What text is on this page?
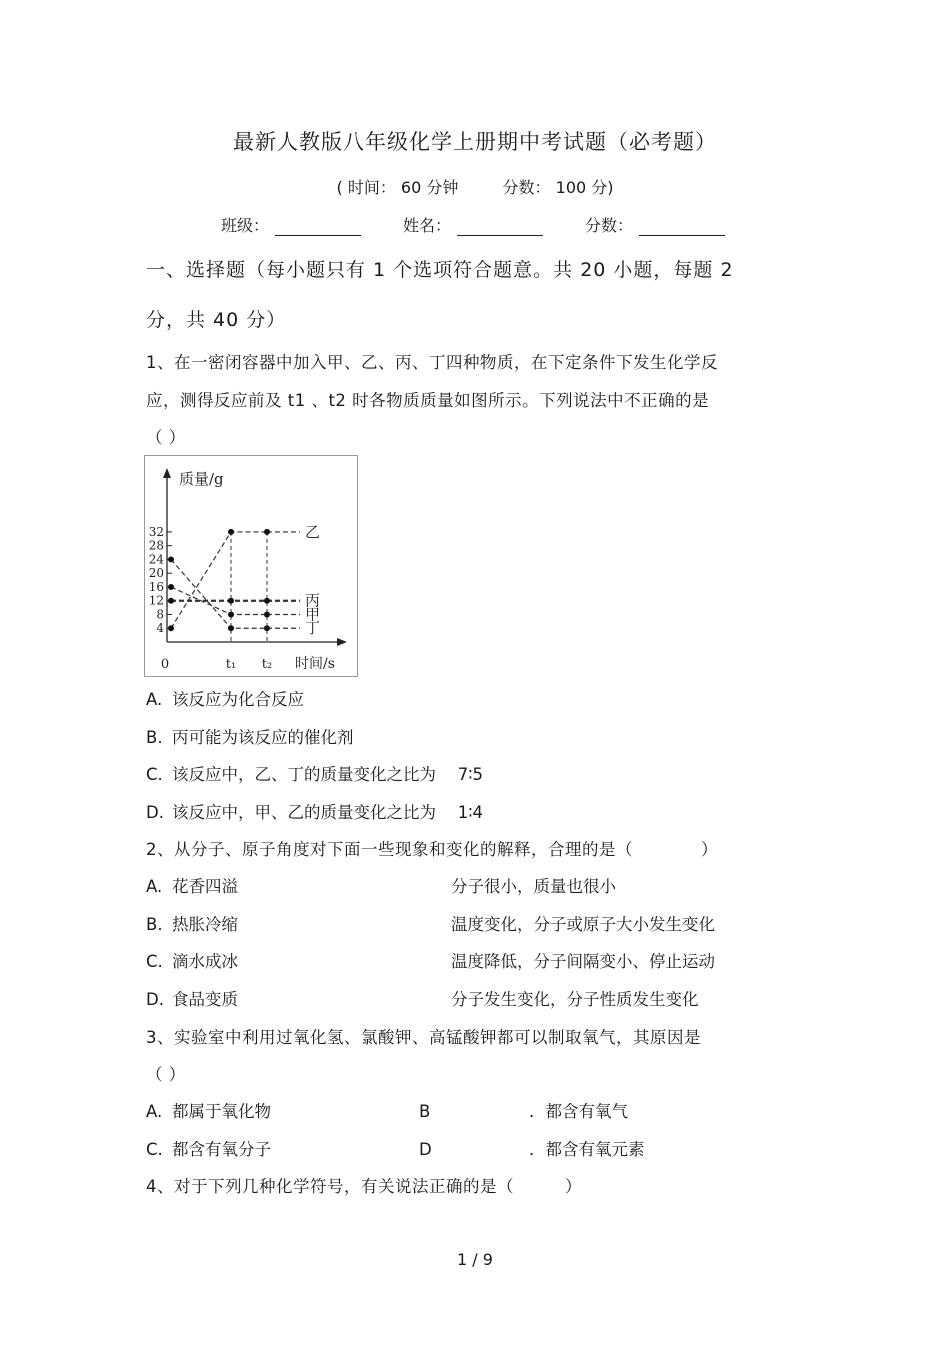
最新人教版八年级化学上册期中考试题（必考题）
( 时间： 60 分钟	分数： 100 分)
班级：	姓名：	分数：
一、选择题（每小题只有 1 个选项符合题意。共 20 小题，每题 2
分，共 40 分）
1、在一密闭容器中加入甲、乙、丙、丁四种物质，在下定条件下发生化学反
应，测得反应前及 t1 、t2 时各物质质量如图所示。下列说法中不正确的是
（ ）
质量/g
时间/s
4
8
12
16
20
24
28
32
0	t₁ t₂
乙
丙
甲
丁
A. 该反应为化合反应
B. 丙可能为该反应的催化剂
C. 该反应中，乙、丁的质量变化之比为　 7∶5
D. 该反应中，甲、乙的质量变化之比为　 1∶4
2、从分子、原子角度对下面一些现象和变化的解释，合理的是（　　　　）
A. 花香四溢	分子很小，质量也很小
B. 热胀冷缩	温度变化，分子或原子大小发生变化
C. 滴水成冰	温度降低，分子间隔变小、停止运动
D. 食品变质	分子发生变化，分子性质发生变化
3、实验室中利用过氧化氢、氯酸钾、高锰酸钾都可以制取氧气，其原因是
（ ）
A. 都属于氧化物	B	．都含有氧气
C. 都含有氧分子	D	．都含有氧元素
4、对于下列几种化学符号，有关说法正确的是（　　　）
1 / 9
